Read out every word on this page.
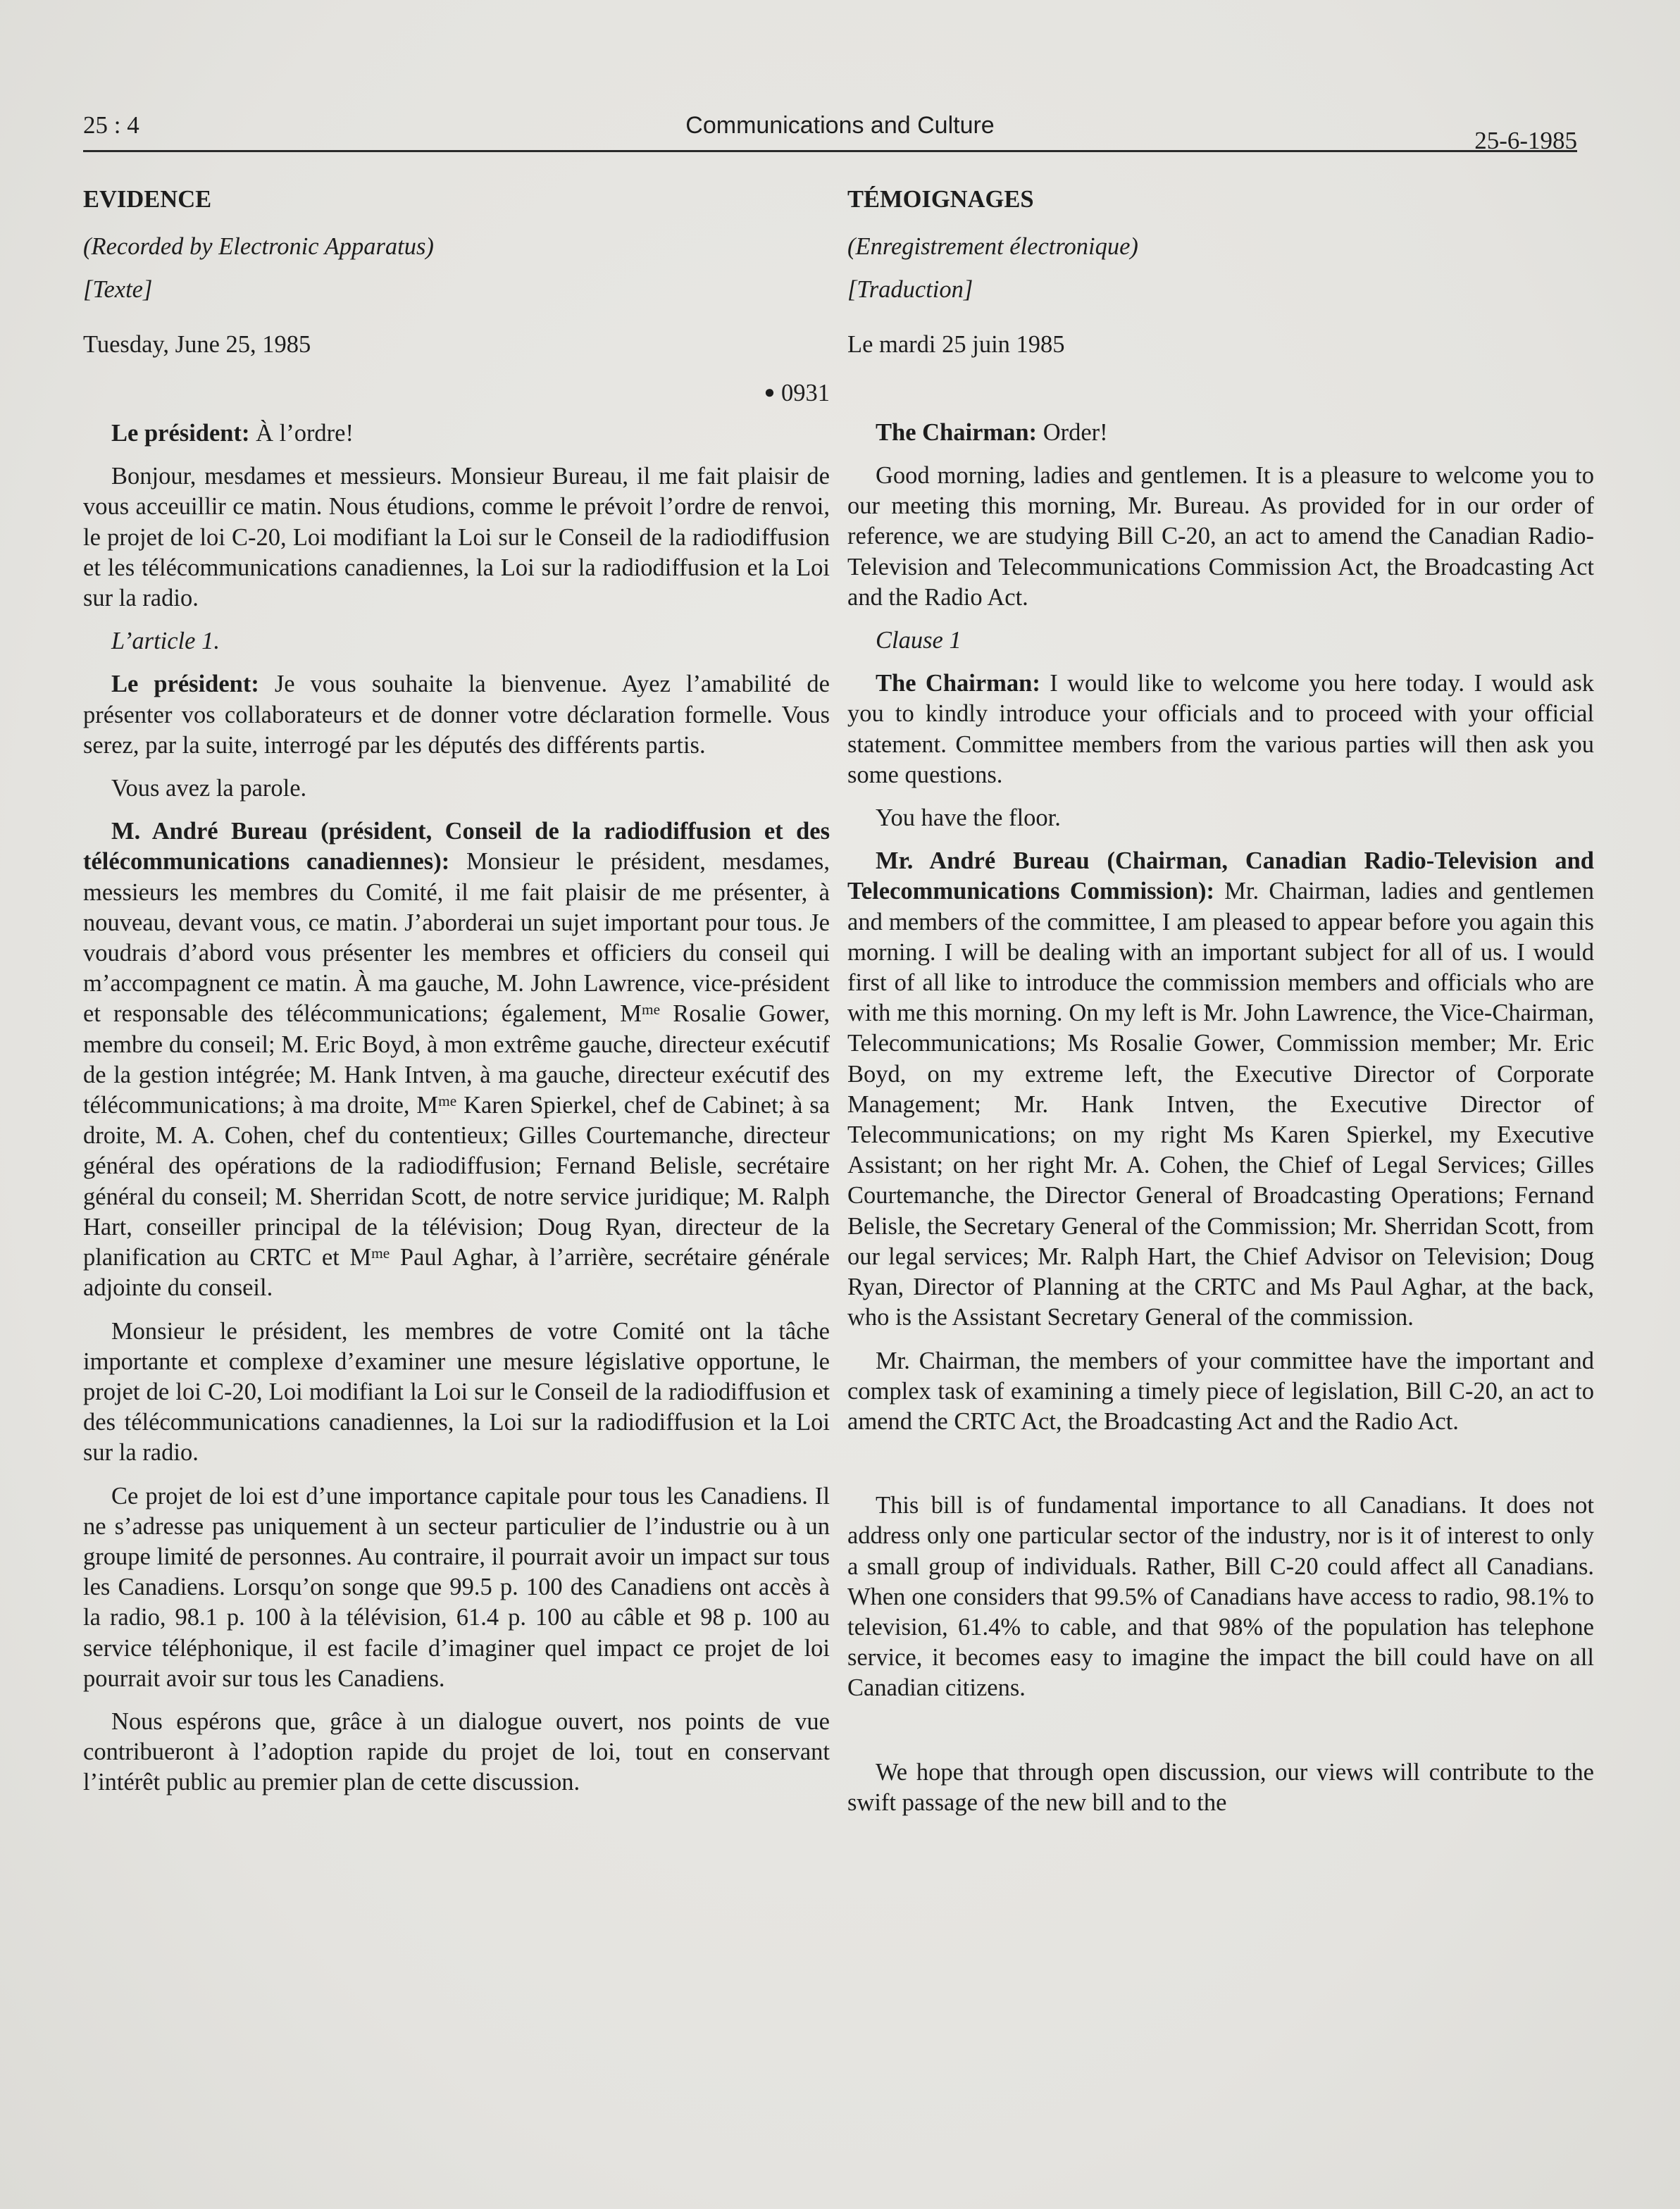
25 : 4	Communications and Culture
25-6-1985

EVIDENCE

(Recorded by Electronic Apparatus)

[Texte]

Tuesday, June 25, 1985

● 0931

Le président: À l’ordre!

Bonjour, mesdames et messieurs. Monsieur Bureau, il me fait plaisir de vous acceuillir ce matin. Nous étudions, comme le prévoit l’ordre de renvoi, le projet de loi C-20, Loi modifiant la Loi sur le Conseil de la radiodiffusion et les télécommunications canadiennes, la Loi sur la radiodiffusion et la Loi sur la radio.

L’article 1.

Le président: Je vous souhaite la bienvenue. Ayez l’amabilité de présenter vos collaborateurs et de donner votre déclaration formelle. Vous serez, par la suite, interrogé par les députés des différents partis.

Vous avez la parole.

M. André Bureau (président, Conseil de la radiodiffusion et des télécommunications canadiennes): Monsieur le président, mesdames, messieurs les membres du Comité, il me fait plaisir de me présenter, à nouveau, devant vous, ce matin. J’aborderai un sujet important pour tous. Je voudrais d’abord vous présenter les membres et officiers du conseil qui m’accompagnent ce matin. À ma gauche, M. John Lawrence, vice-président et responsable des télécommunications; également, $M^{me}$ Rosalie Gower, membre du conseil; M. Eric Boyd, à mon extrême gauche, directeur exécutif de la gestion intégrée; M. Hank Intven, à ma gauche, directeur exécutif des télécommunications; à ma droite, $M^{me}$ Karen Spierkel, chef de Cabinet; à sa droite, M. A. Cohen, chef du contentieux; Gilles Courtemanche, directeur général des opérations de la radiodiffusion; Fernand Belisle, secrétaire général du conseil; M. Sherridan Scott, de notre service juridique; M. Ralph Hart, conseiller principal de la télévision; Doug Ryan, directeur de la planification au CRTC et $M^{me}$ Paul Aghar, à l’arrière, secrétaire générale adjointe du conseil.

Monsieur le président, les membres de votre Comité ont la tâche importante et complexe d’examiner une mesure législative opportune, le projet de loi C-20, Loi modifiant la Loi sur le Conseil de la radiodiffusion et des télécommunications canadiennes, la Loi sur la radiodiffusion et la Loi sur la radio.

Ce projet de loi est d’une importance capitale pour tous les Canadiens. Il ne s’adresse pas uniquement à un secteur particulier de l’industrie ou à un groupe limité de personnes. Au contraire, il pourrait avoir un impact sur tous les Canadiens. Lorsqu’on songe que 99.5 p. 100 des Canadiens ont accès à la radio, 98.1 p. 100 à la télévision, 61.4 p. 100 au câble et 98 p. 100 au service téléphonique, il est facile d’imaginer quel impact ce projet de loi pourrait avoir sur tous les Canadiens.

Nous espérons que, grâce à un dialogue ouvert, nos points de vue contribueront à l’adoption rapide du projet de loi, tout en conservant l’intérêt public au premier plan de cette discussion.

TÉMOIGNAGES

(Enregistrement électronique)

[Traduction]

Le mardi 25 juin 1985

The Chairman: Order!

Good morning, ladies and gentlemen. It is a pleasure to welcome you to our meeting this morning, Mr. Bureau. As provided for in our order of reference, we are studying Bill C-20, an act to amend the Canadian Radio-Television and Telecommunications Commission Act, the Broadcasting Act and the Radio Act.

Clause 1

The Chairman: I would like to welcome you here today. I would ask you to kindly introduce your officials and to proceed with your official statement. Committee members from the various parties will then ask you some questions.

You have the floor.

Mr. André Bureau (Chairman, Canadian Radio-Television and Telecommunications Commission): Mr. Chairman, ladies and gentlemen and members of the committee, I am pleased to appear before you again this morning. I will be dealing with an important subject for all of us. I would first of all like to introduce the commission members and officials who are with me this morning. On my left is Mr. John Lawrence, the Vice-Chairman, Telecommunications; Ms Rosalie Gower, Commission member; Mr. Eric Boyd, on my extreme left, the Executive Director of Corporate Management; Mr. Hank Intven, the Executive Director of Telecommunications; on my right Ms Karen Spierkel, my Executive Assistant; on her right Mr. A. Cohen, the Chief of Legal Services; Gilles Courtemanche, the Director General of Broadcasting Operations; Fernand Belisle, the Secretary General of the Commission; Mr. Sherridan Scott, from our legal services; Mr. Ralph Hart, the Chief Advisor on Television; Doug Ryan, Director of Planning at the CRTC and Ms Paul Aghar, at the back, who is the Assistant Secretary General of the commission.

Mr. Chairman, the members of your committee have the important and complex task of examining a timely piece of legislation, Bill C-20, an act to amend the CRTC Act, the Broadcasting Act and the Radio Act.

This bill is of fundamental importance to all Canadians. It does not address only one particular sector of the industry, nor is it of interest to only a small group of individuals. Rather, Bill C-20 could affect all Canadians. When one considers that 99.5% of Canadians have access to radio, 98.1% to television, 61.4% to cable, and that 98% of the population has telephone service, it becomes easy to imagine the impact the bill could have on all Canadian citizens.

We hope that through open discussion, our views will contribute to the swift passage of the new bill and to the
